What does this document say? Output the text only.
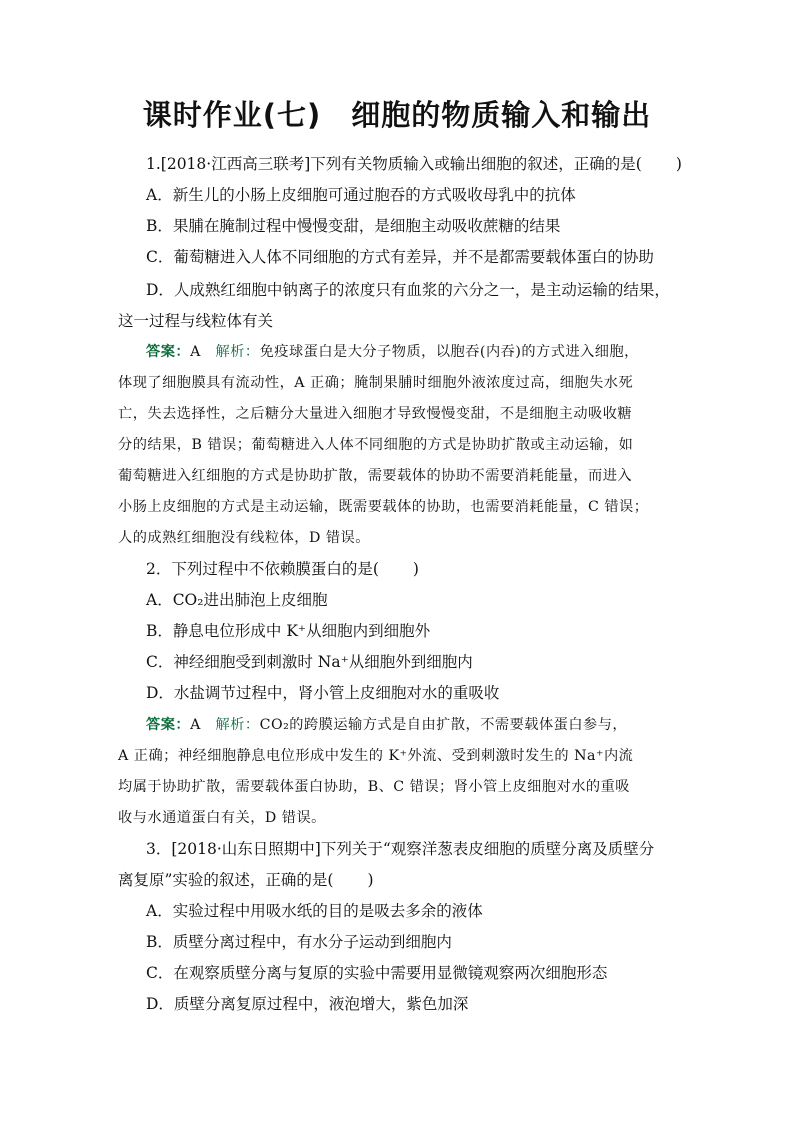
课时作业(七)　细胞的物质输入和输出
1.[2018·江西高三联考]下列有关物质输入或输出细胞的叙述，正确的是( )
A．新生儿的小肠上皮细胞可通过胞吞的方式吸收母乳中的抗体
B．果脯在腌制过程中慢慢变甜，是细胞主动吸收蔗糖的结果
C．葡萄糖进入人体不同细胞的方式有差异，并不是都需要载体蛋白的协助
D．人成熟红细胞中钠离子的浓度只有血浆的六分之一，是主动运输的结果，
这一过程与线粒体有关
答案：A　 解析：免疫球蛋白是大分子物质，以胞吞(内吞)的方式进入细胞，
体现了细胞膜具有流动性，A 正确；腌制果脯时细胞外液浓度过高，细胞失水死
亡，失去选择性，之后糖分大量进入细胞才导致慢慢变甜，不是细胞主动吸收糖
分的结果，B 错误；葡萄糖进入人体不同细胞的方式是协助扩散或主动运输，如
葡萄糖进入红细胞的方式是协助扩散，需要载体的协助不需要消耗能量，而进入
小肠上皮细胞的方式是主动运输，既需要载体的协助，也需要消耗能量，C 错误；
人的成熟红细胞没有线粒体，D 错误。
2．下列过程中不依赖膜蛋白的是( )
A．CO₂进出肺泡上皮细胞
B．静息电位形成中 K⁺从细胞内到细胞外
C．神经细胞受到刺激时 Na⁺从细胞外到细胞内
D．水盐调节过程中，肾小管上皮细胞对水的重吸收
答案：A　 解析：CO₂的跨膜运输方式是自由扩散，不需要载体蛋白参与，
A 正确；神经细胞静息电位形成中发生的 K⁺外流、受到刺激时发生的 Na⁺内流
均属于协助扩散，需要载体蛋白协助，B、C 错误；肾小管上皮细胞对水的重吸
收与水通道蛋白有关，D 错误。
3．[2018·山东日照期中]下列关于“观察洋葱表皮细胞的质壁分离及质壁分
离复原”实验的叙述，正确的是( )
A．实验过程中用吸水纸的目的是吸去多余的液体
B．质壁分离过程中，有水分子运动到细胞内
C．在观察质壁分离与复原的实验中需要用显微镜观察两次细胞形态
D．质壁分离复原过程中，液泡增大，紫色加深
